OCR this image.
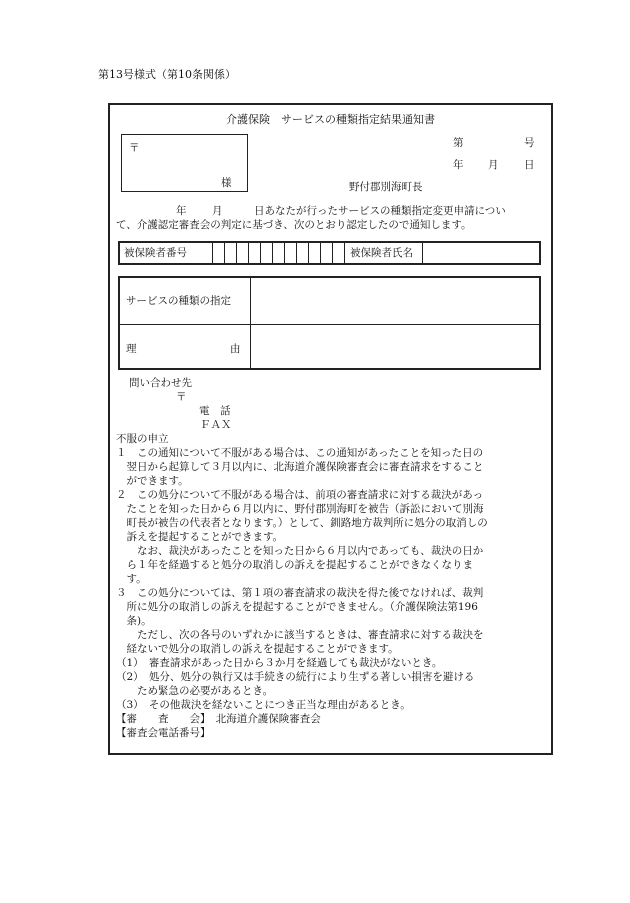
第13号様式（第10条関係）
介護保険　サービスの種類指定結果通知書
〒
様
第	号
年 月 日
野付郡別海町長
年 月	日あなたが行ったサービスの種類指定変更申請につい
て、介護認定審査会の判定に基づき、次のとおり認定したので通知します。
被保険者番号	被保険者氏名
サービスの種類の指定
理	由
問い合わせ先
〒
電　話
ＦＡＸ
不服の申立
１　この通知について不服がある場合は、この通知があったことを知った日の
　翌日から起算して３月以内に、北海道介護保険審査会に審査請求をすること
　ができます。
２　この処分について不服がある場合は、前項の審査請求に対する裁決があっ
　たことを知った日から６月以内に、野付郡別海町を被告（訴訟において別海
　町長が被告の代表者となります。）として、釧路地方裁判所に処分の取消しの
　訴えを提起することができます。
　　なお、裁決があったことを知った日から６月以内であっても、裁決の日か
　ら１年を経過すると処分の取消しの訴えを提起することができなくなりま
　す。
３　この処分については、第１項の審査請求の裁決を得た後でなければ、裁判
　所に処分の取消しの訴えを提起することができません。（介護保険法第196
　条)。
　　ただし、次の各号のいずれかに該当するときは、審査請求に対する裁決を
　経ないで処分の取消しの訴えを提起することができます。
（1）　審査請求があった日から３か月を経過しても裁決がないとき。
（2）　処分、処分の執行又は手続きの続行により生ずる著しい損害を避ける
　　ため緊急の必要があるとき。
（3）　その他裁決を経ないことにつき正当な理由があるとき。
【審　　査　　会】　北海道介護保険審査会
【審査会電話番号】
